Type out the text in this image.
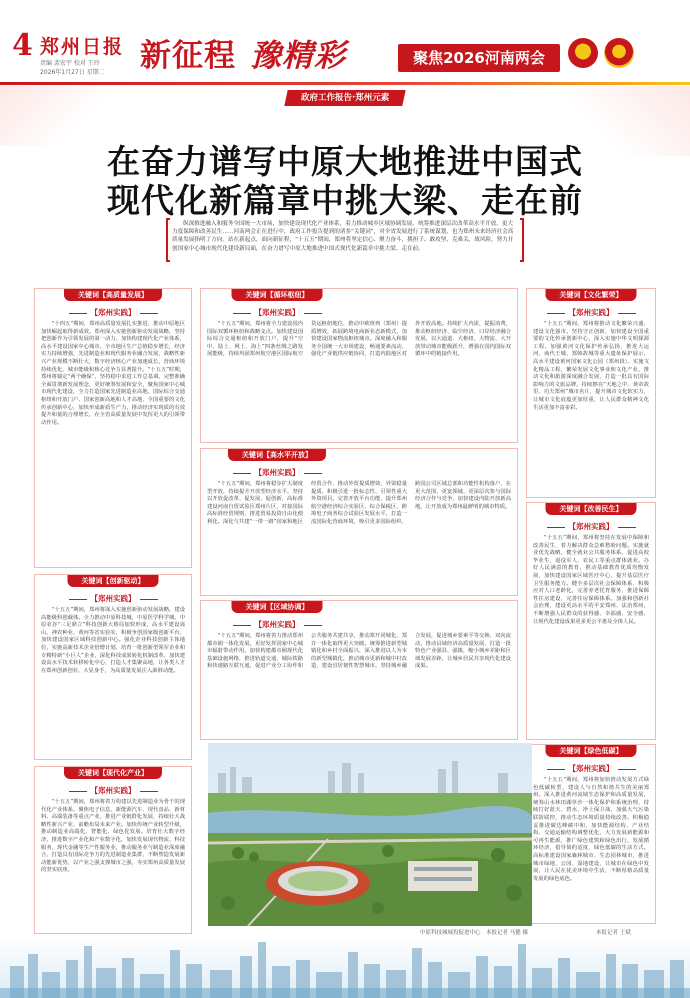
4 郑州日报
责编 裴宏宇 校对 王玲
2026年1月27日 星期二 新征程 豫精彩	聚焦2026河南两会
政府工作报告·郑州元素
在奋力谱写中原大地推进中国式
现代化新篇章中挑大梁、走在前
纵深推进融入和服务全国统一大市场，加快建设现代化产业体系，着力推动城乡区域协调发展，统筹推进深层次改革高水平开放，更大力度保障和改善民生……河南两会正在进行中，政府工作报告提到的诸多“关键词”，对全省发展进行了系统谋划，也为郑州未来经济社会高质量发展指明了方向。站在新起点，面向新征程，“十五五”期间，郑州将坚定信心、聚力奋斗，挑担子、敢攻坚、克难关、战风险，努力开创国家中心城市现代化建设新局面，在奋力谱写中原大地推进中国式现代化新篇章中挑大梁、走在前。
关键词【高质量发展】
【郑州实践】
“十四五”期间，郑州高质量发展扎实推进，推动中原地区加快崛起取得新成效。郑州深入实施创新驱动发展战略，坚持把创新作为引领发展的第一动力，加快构建现代化产业体系，高水平建设国家中心城市。全市地区生产总值稳步增长，经济实力持续增强，先进制造业和现代服务业融合发展，战略性新兴产业规模不断壮大，数字经济核心产业加速成长，营商环境持续优化，城市能级和核心竞争力显著提升。“十五五”时期，郑州将锚定“两个确保”，坚持稳中求进工作总基调，完整准确全面贯彻新发展理念，更好统筹发展和安全，聚焦国家中心城市现代化建设，全力打造国家先进制造业高地、国际综合交通枢纽和开放门户、国家创新高地和人才高地、全国重要的文化传承创新中心，加快形成新质生产力，推动经济实现质的有效提升和量的合理增长，在全省高质量发展中发挥更大的引领带动作用。
关键词【创新驱动】
【郑州实践】
“十五五”期间，郑州将深入实施创新驱动发展战略，建设高能级科创载体。全力推动中原科技城、中原医学科学城、中原农谷“三足鼎立”科技创新大格局加快形成，高水平建设嵩山、神农种业、黄河等省实验室，积极争创国家级创新平台，加快建设国家区域科技创新中心。强化企业科技创新主体地位，实施高新技术企业倍增计划，培育一批创新型领军企业和专精特新“小巨人”企业，深化科技成果转化机制改革，加快建设高水平技术转移转化中心，打造人才集聚高地，让各类人才在郑州创新创业、大显身手，为高质量发展注入澎湃动能。
关键词【现代化产业】
【郑州实践】
“十五五”期间，郑州将着力构建以先进制造业为骨干的现代化产业体系。聚焦电子信息、新能源汽车、现代食品、新材料、高端装备等重点产业，推进产业链群化发展，持续壮大战略性新兴产业，前瞻布局未来产业。加快传统产业转型升级，推动制造业高端化、智能化、绿色化发展。培育壮大数字经济，推进数字产业化和产业数字化，加快发展现代物流、科技服务、现代金融等生产性服务业，推动服务业与制造业深度融合，打造具有国际竞争力的先进制造业集群，不断塑造发展新动能新优势，以产业之强支撑城市之强，夯实郑州高质量发展的坚实底座。
关键词【循环枢纽】
【郑州实践】
“十五五”期间，郑州将全力建设国内国际双循环枢纽和战略支点。加快建设国际综合交通枢纽和开放门户，提升“空中、陆上、网上、海上”四条丝绸之路发展能级，持续巩固郑州航空港区国际航空货运枢纽地位，推动中欧班列（郑州）提质增效，拓展跨境电商新业态新模式，加快建设国家物流枢纽城市。深度融入和服务全国统一大市场建设，畅通要素流动，强化产业链供应链协同，打造内陆地区对外开放高地。持续扩大内需，提振消费，推动枢纽经济、临空经济、口岸经济融合发展，以大通道、大枢纽、大物流、大开放带动城市能级跃升，增强在国内国际双循环中的链接作用。
关键词【高水平开放】
【郑州实践】
“十五五”期间，郑州将稳步扩大制度型开放，持续提升开放型经济水平。坚持以开放促改革、促发展、促创新，高标准建设河南自贸试验区郑州片区，对接国际高标准经贸规则，推进贸易投资自由化便利化。深化与共建“一带一路”国家和地区经贸合作，推动外贸提质增效、外资稳量提质，积极引进一批标志性、引领性重大外资项目。完善开放平台功能，提升郑州航空港经济综合实验区、综合保税区、跨境电子商务综合试验区发展水平，打造一流国际化营商环境，吸引更多国际组织、跨国公司区域总部和功能性机构落户，在更大范围、更宽领域、更深层次参与国际经济合作与竞争，加快建设内陆开放新高地，让开放成为郑州最鲜明的城市特质。
关键词【区域协调】
【郑州实践】
“十五五”期间，郑州将着力推动郑州都市圈一体化发展，更好发挥国家中心城市辐射带动作用。加快构建都市圈现代化基础设施网络，推进轨道交通、城际铁路和快速路互联互通，促进产业分工协作和公共服务共建共享，推动郑开同城化、郑许一体化取得更大突破。统筹推进新型城镇化和乡村全面振兴，深入推进以人为本的新型城镇化，推动城市更新和城中村改造，建设宜居韧性智慧城市。坚持城乡融合发展，促进城乡要素平等交换、双向流动，推动县域经济高质量发展，打造一批特色产业强县、强镇，缩小城乡差距和区域发展差距，让城乡居民共享现代化建设成果。
关键词【文化繁荣】
【郑州实践】
“十五五”期间，郑州将推动文化繁荣兴盛，建设文化强市。坚持守正创新，加快建设全国重要的文化传承创新中心，深入实施中华文明探源工程，加强黄河文化保护传承弘扬，推进大运河、商代王城、郑韩故城等重大遗址保护展示，高水平建设黄河国家文化公园（郑州段）。实施文化精品工程，繁荣发展文化事业和文化产业，推动文化和旅游深度融合发展，打造一批具有国际影响力的文旅品牌，持续擦亮“天地之中、黄帝故里、功夫郑州”城市名片，提升城市文化软实力，让城市文化底蕴更加厚重，让人民群众精神文化生活更加丰富多彩。
关键词【改善民生】
【郑州实践】
“十五五”期间，郑州将坚持在发展中保障和改善民生，着力解决群众急难愁盼问题。实施就业优先战略，健全就业公共服务体系，促进高校毕业生、退役军人、农民工等重点群体就业。办好人民满意的教育，推动基础教育优质均衡发展，加快建设国家区域医疗中心，提升基层医疗卫生服务能力。健全多层次社会保障体系，积极应对人口老龄化，完善养老托育服务，推进保障性住房建设，完善住房保障体系。加强和创新社会治理，建设更高水平的平安郑州、法治郑州，不断增强人民群众的获得感、幸福感、安全感，让现代化建设成果更多更公平惠及全体人民。
关键词【绿色低碳】
【郑州实践】
“十五五”期间，郑州将加快推动发展方式绿色低碳转型，建设人与自然和谐共生的美丽郑州。深入推进黄河流域生态保护和高质量发展，统筹山水林田湖草沙一体化保护和系统治理，持续打好蓝天、碧水、净土保卫战，加强大气污染联防联控，推动生态环境质量持续改善。积极稳妥推进碳达峰碳中和，加快能源结构、产业结构、交通运输结构调整优化，大力发展新能源和可再生能源，推广绿色建筑和绿色出行，发展循环经济，倡导简约适度、绿色低碳的生活方式。高标准建设国家森林城市、生态园林城市，推进城市绿地、公园、湿地建设，让城市在绿色中发展，让人民在优美环境中生活，不断厚植高质量发展的绿色底色。
中原科技城城投促进中心　本报记者 马健 摄	本报记者 王斌
